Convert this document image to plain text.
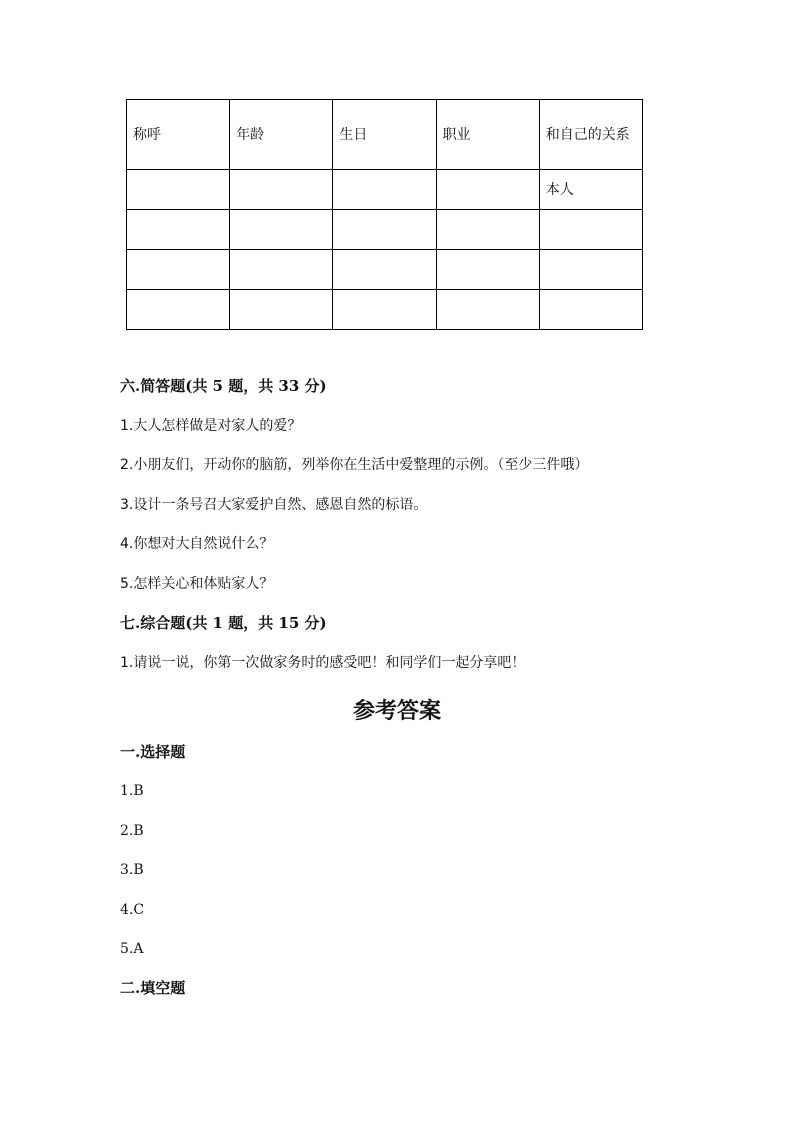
称呼	年龄	生日	职业	和自己的关系
				本人

六.简答题(共 5 题，共 33 分)
1.大人怎样做是对家人的爱？
2.小朋友们，开动你的脑筋，列举你在生活中爱整理的示例。（至少三件哦）
3.设计一条号召大家爱护自然、感恩自然的标语。
4.你想对大自然说什么？
5.怎样关心和体贴家人？
七.综合题(共 1 题，共 15 分)
1.请说一说，你第一次做家务时的感受吧！和同学们一起分享吧！
参考答案
一.选择题
1.B
2.B
3.B
4.C
5.A
二.填空题
